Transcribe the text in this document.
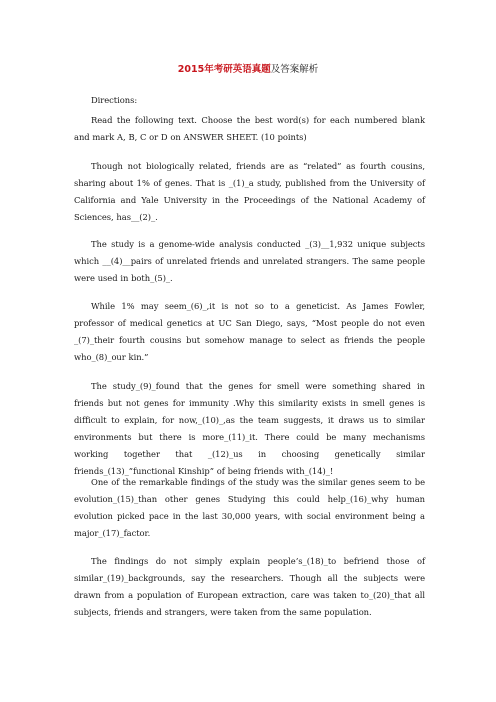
2015年考研英语真题及答案解析

Directions:

Read the following text. Choose the best word(s) for each numbered blank and mark A, B, C or D on ANSWER SHEET. (10 points)

Though not biologically related, friends are as “related” as fourth cousins, sharing about 1% of genes. That is _(1)_a study, published from the University of California and Yale University in the Proceedings of the National Academy of Sciences, has__(2)_.

The study is a genome-wide analysis conducted _(3)__1,932 unique subjects which __(4)__pairs of unrelated friends and unrelated strangers. The same people were used in both_(5)_.

While 1% may seem_(6)_,it is not so to a geneticist. As James Fowler, professor of medical genetics at UC San Diego, says, “Most people do not even _(7)_their fourth cousins but somehow manage to select as friends the people who_(8)_our kin.”

The study_(9)_found that the genes for smell were something shared in friends but not genes for immunity .Why this similarity exists in smell genes is difficult to explain, for now,_(10)_,as the team suggests, it draws us to similar environments but there is more_(11)_it. There could be many mechanisms working together that _(12)_us in choosing genetically similar friends_(13)_”functional Kinship” of being friends with_(14)_!

One of the remarkable findings of the study was the similar genes seem to be evolution_(15)_than other genes Studying this could help_(16)_why human evolution picked pace in the last 30,000 years, with social environment being a major_(17)_factor.

The findings do not simply explain people’s_(18)_to befriend those of similar_(19)_backgrounds, say the researchers. Though all the subjects were drawn from a population of European extraction, care was taken to_(20)_that all subjects, friends and strangers, were taken from the same population.
